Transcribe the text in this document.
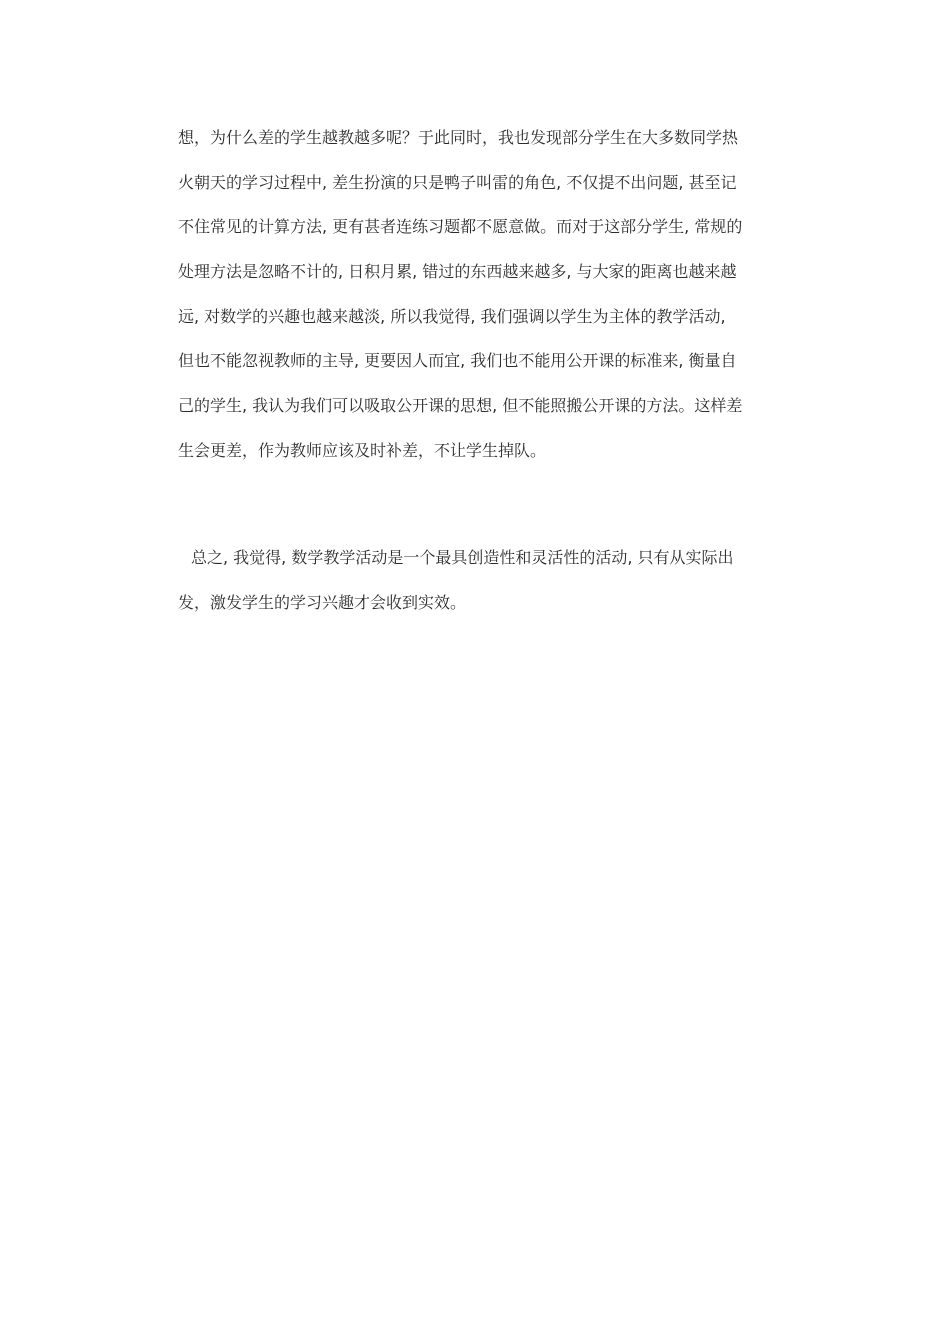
想，为什么差的学生越教越多呢？于此同时，我也发现部分学生在大多数同学热
火朝天的学习过程中, 差生扮演的只是鸭子叫雷的角色, 不仅提不出问题, 甚至记
不住常见的计算方法, 更有甚者连练习题都不愿意做。而对于这部分学生, 常规的
处理方法是忽略不计的, 日积月累, 错过的东西越来越多, 与大家的距离也越来越
远, 对数学的兴趣也越来越淡, 所以我觉得, 我们强调以学生为主体的教学活动,
但也不能忽视教师的主导, 更要因人而宜, 我们也不能用公开课的标准来, 衡量自
己的学生, 我认为我们可以吸取公开课的思想, 但不能照搬公开课的方法。这样差
生会更差，作为教师应该及时补差，不让学生掉队。
总之, 我觉得, 数学教学活动是一个最具创造性和灵活性的活动, 只有从实际出
发，激发学生的学习兴趣才会收到实效。
